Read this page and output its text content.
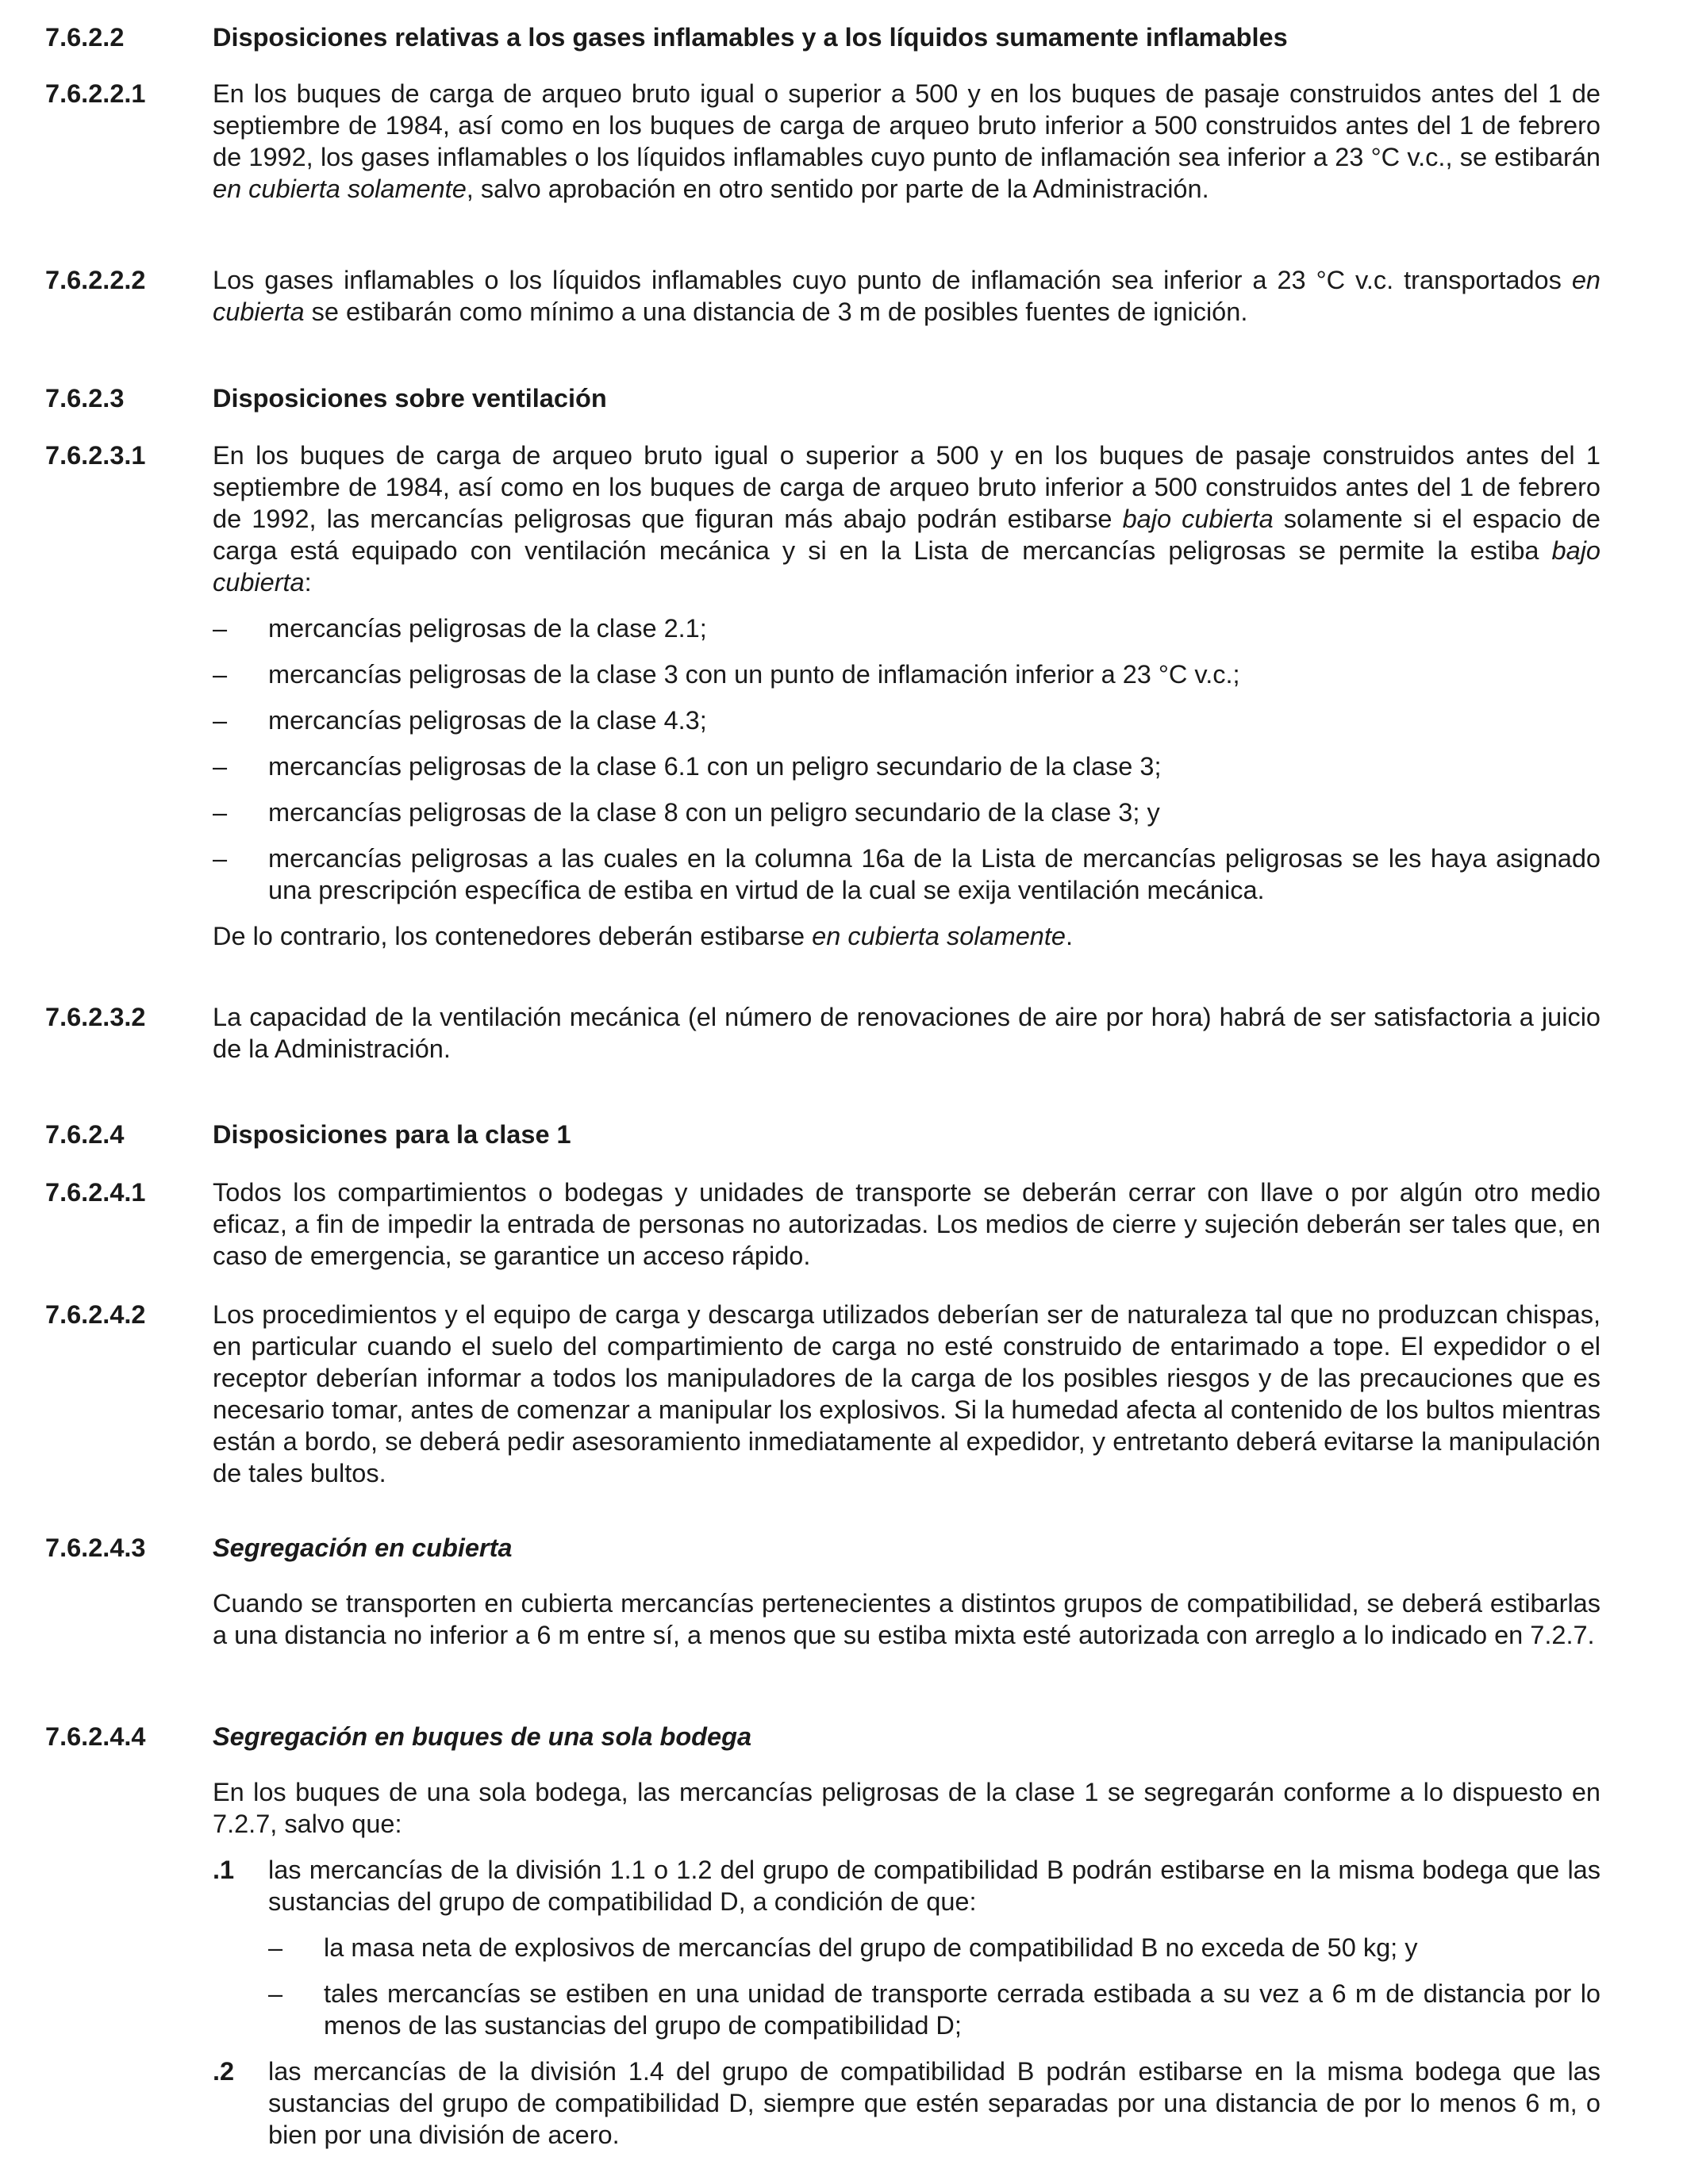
7.6.2.2	Disposiciones relativas a los gases inflamables y a los líquidos sumamente inflamables
7.6.2.2.1	En los buques de carga de arqueo bruto igual o superior a 500 y en los buques de pasaje construidos antes del 1 de septiembre de 1984, así como en los buques de carga de arqueo bruto inferior a 500 construidos antes del 1 de febrero de 1992, los gases inflamables o los líquidos inflamables cuyo punto de inflamación sea inferior a 23 °C v.c., se estibarán en cubierta solamente, salvo aprobación en otro sentido por parte de la Administración.
7.6.2.2.2	Los gases inflamables o los líquidos inflamables cuyo punto de inflamación sea inferior a 23 °C v.c. transportados en cubierta se estibarán como mínimo a una distancia de 3 m de posibles fuentes de ignición.
7.6.2.3	Disposiciones sobre ventilación
7.6.2.3.1	En los buques de carga de arqueo bruto igual o superior a 500 y en los buques de pasaje construidos antes del 1 septiembre de 1984, así como en los buques de carga de arqueo bruto inferior a 500 construidos antes del 1 de febrero de 1992, las mercancías peligrosas que figuran más abajo podrán estibarse bajo cubierta solamente si el espacio de carga está equipado con ventilación mecánica y si en la Lista de mercancías peligrosas se permite la estiba bajo cubierta:

– mercancías peligrosas de la clase 2.1;
– mercancías peligrosas de la clase 3 con un punto de inflamación inferior a 23 °C v.c.;
– mercancías peligrosas de la clase 4.3;
– mercancías peligrosas de la clase 6.1 con un peligro secundario de la clase 3;
– mercancías peligrosas de la clase 8 con un peligro secundario de la clase 3; y
– mercancías peligrosas a las cuales en la columna 16a de la Lista de mercancías peligrosas se les haya asignado una prescripción específica de estiba en virtud de la cual se exija ventilación mecánica.

De lo contrario, los contenedores deberán estibarse en cubierta solamente.

7.6.2.3.2	La capacidad de la ventilación mecánica (el número de renovaciones de aire por hora) habrá de ser satisfactoria a juicio de la Administración.
7.6.2.4	Disposiciones para la clase 1
7.6.2.4.1	Todos los compartimientos o bodegas y unidades de transporte se deberán cerrar con llave o por algún otro medio eficaz, a fin de impedir la entrada de personas no autorizadas. Los medios de cierre y sujeción deberán ser tales que, en caso de emergencia, se garantice un acceso rápido.
7.6.2.4.2	Los procedimientos y el equipo de carga y descarga utilizados deberían ser de naturaleza tal que no produzcan chispas, en particular cuando el suelo del compartimiento de carga no esté construido de entarimado a tope. El expedidor o el receptor deberían informar a todos los manipuladores de la carga de los posibles riesgos y de las precauciones que es necesario tomar, antes de comenzar a manipular los explosivos. Si la humedad afecta al contenido de los bultos mientras están a bordo, se deberá pedir asesoramiento inmediatamente al expedidor, y entretanto deberá evitarse la manipulación de tales bultos.
7.6.2.4.3	Segregación en cubierta

Cuando se transporten en cubierta mercancías pertenecientes a distintos grupos de compatibilidad, se deberá estibarlas a una distancia no inferior a 6 m entre sí, a menos que su estiba mixta esté autorizada con arreglo a lo indicado en 7.2.7.

7.6.2.4.4	Segregación en buques de una sola bodega

En los buques de una sola bodega, las mercancías peligrosas de la clase 1 se segregarán conforme a lo dispuesto en 7.2.7, salvo que:

.1 las mercancías de la división 1.1 o 1.2 del grupo de compatibilidad B podrán estibarse en la misma bodega que las sustancias del grupo de compatibilidad D, a condición de que:
– la masa neta de explosivos de mercancías del grupo de compatibilidad B no exceda de 50 kg; y
– tales mercancías se estiben en una unidad de transporte cerrada estibada a su vez a 6 m de distancia por lo menos de las sustancias del grupo de compatibilidad D;
.2 las mercancías de la división 1.4 del grupo de compatibilidad B podrán estibarse en la misma bodega que las sustancias del grupo de compatibilidad D, siempre que estén separadas por una distancia de por lo menos 6 m, o bien por una división de acero.
